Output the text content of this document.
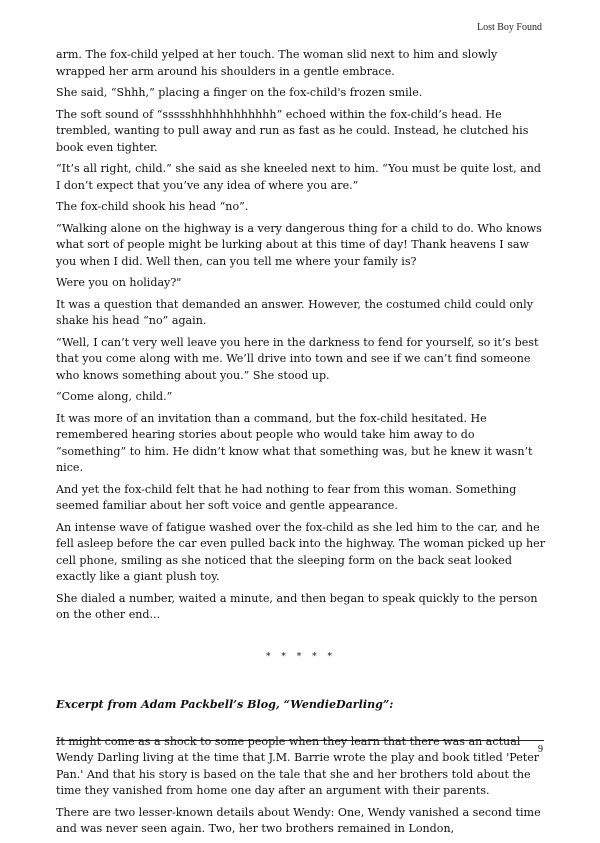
Lost Boy Found

arm. The fox-child yelped at her touch. The woman slid next to him and slowly wrapped her arm around his shoulders in a gentle embrace.

She said, “Shhh,” placing a finger on the fox-child's frozen smile.

The soft sound of “ssssshhhhhhhhhhhh” echoed within the fox-child’s head. He trembled, wanting to pull away and run as fast as he could. Instead, he clutched his book even tighter.

“It’s all right, child.” she said as she kneeled next to him. “You must be quite lost, and I don’t expect that you’ve any idea of where you are.”

The fox-child shook his head “no”.

“Walking alone on the highway is a very dangerous thing for a child to do. Who knows what sort of people might be lurking about at this time of day! Thank heavens I saw you when I did. Well then, can you tell me where your family is?

Were you on holiday?"

It was a question that demanded an answer. However, the costumed child could only shake his head “no” again.

“Well, I can’t very well leave you here in the darkness to fend for yourself, so it’s best that you come along with me. We’ll drive into town and see if we can’t find someone who knows something about you.” She stood up.

“Come along, child.”

It was more of an invitation than a command, but the fox-child hesitated. He remembered hearing stories about people who would take him away to do “something” to him. He didn’t know what that something was, but he knew it wasn’t nice.

And yet the fox-child felt that he had nothing to fear from this woman. Something seemed familiar about her soft voice and gentle appearance.

An intense wave of fatigue washed over the fox-child as she led him to the car, and he fell asleep before the car even pulled back into the highway. The woman picked up her cell phone, smiling as she noticed that the sleeping form on the back seat looked exactly like a giant plush toy.

She dialed a number, waited a minute, and then began to speak quickly to the person on the other end...

* * * * *

Excerpt from Adam Packbell’s Blog, “WendieDarling”:

It might come as a shock to some people when they learn that there was an actual Wendy Darling living at the time that J.M. Barrie wrote the play and book titled 'Peter Pan.' And that his story is based on the tale that she and her brothers told about the time they vanished from home one day after an argument with their parents.

There are two lesser-known details about Wendy: One, Wendy vanished a second time and was never seen again. Two, her two brothers remained in London,

9
